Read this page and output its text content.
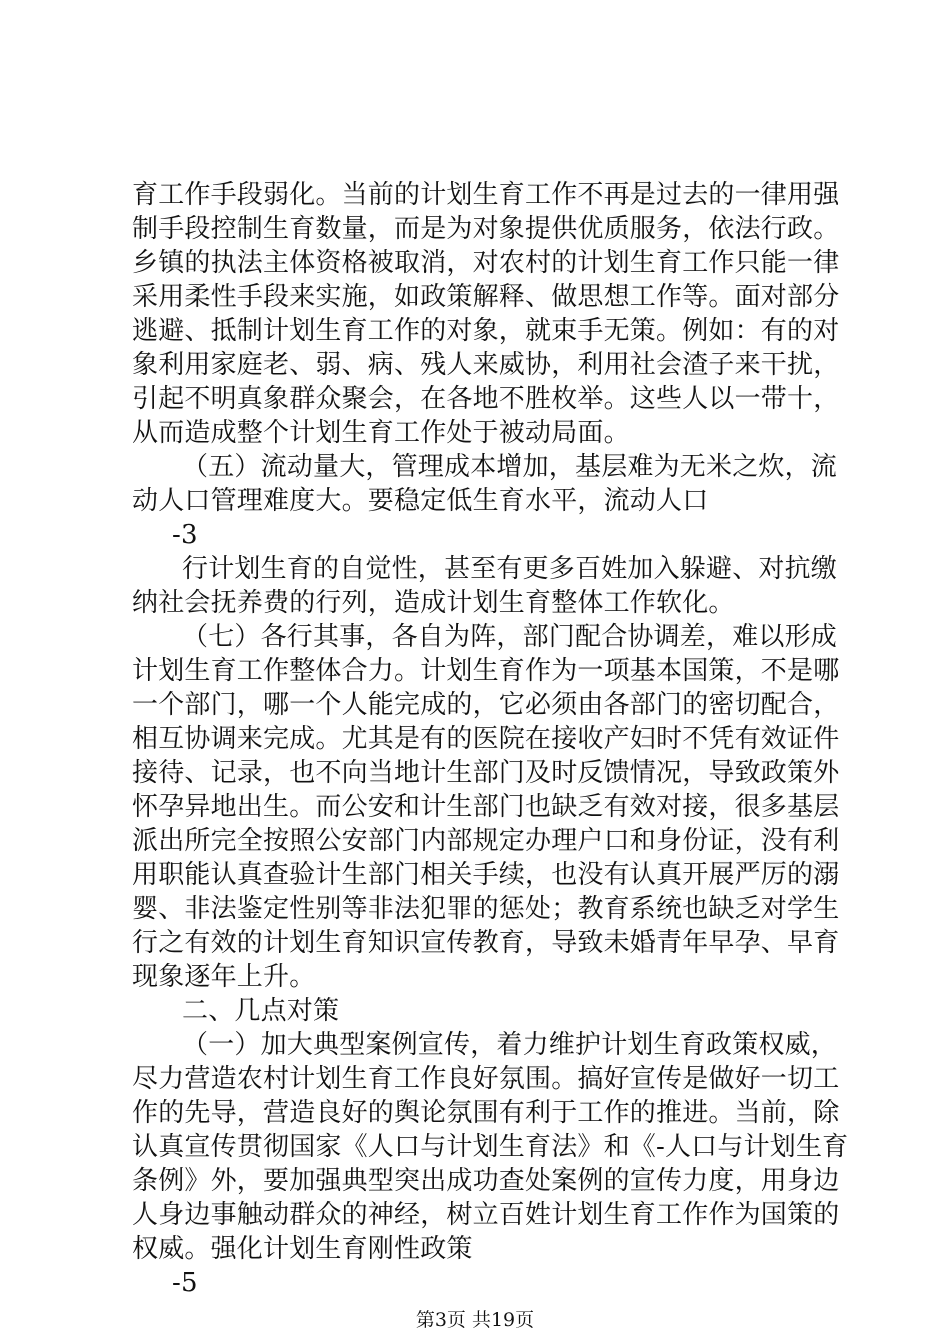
育工作手段弱化。当前的计划生育工作不再是过去的一律用强
制手段控制生育数量，而是为对象提供优质服务，依法行政。
乡镇的执法主体资格被取消，对农村的计划生育工作只能一律
采用柔性手段来实施，如政策解释、做思想工作等。面对部分
逃避、抵制计划生育工作的对象，就束手无策。例如：有的对
象利用家庭老、弱、病、残人来威协，利用社会渣子来干扰，
引起不明真象群众聚会，在各地不胜枚举。这些人以一带十，
从而造成整个计划生育工作处于被动局面。
（五）流动量大，管理成本增加，基层难为无米之炊，流
动人口管理难度大。要稳定低生育水平，流动人口
-3
行计划生育的自觉性，甚至有更多百姓加入躲避、对抗缴
纳社会抚养费的行列，造成计划生育整体工作软化。
（七）各行其事，各自为阵，部门配合协调差，难以形成
计划生育工作整体合力。计划生育作为一项基本国策，不是哪
一个部门，哪一个人能完成的，它必须由各部门的密切配合，
相互协调来完成。尤其是有的医院在接收产妇时不凭有效证件
接待、记录，也不向当地计生部门及时反馈情况，导致政策外
怀孕异地出生。而公安和计生部门也缺乏有效对接，很多基层
派出所完全按照公安部门内部规定办理户口和身份证，没有利
用职能认真查验计生部门相关手续，也没有认真开展严厉的溺
婴、非法鉴定性别等非法犯罪的惩处；教育系统也缺乏对学生
行之有效的计划生育知识宣传教育，导致未婚青年早孕、早育
现象逐年上升。
二、几点对策
（一）加大典型案例宣传，着力维护计划生育政策权威，
尽力营造农村计划生育工作良好氛围。搞好宣传是做好一切工
作的先导，营造良好的舆论氛围有利于工作的推进。当前，除
认真宣传贯彻国家《人口与计划生育法》和《-人口与计划生育
条例》外，要加强典型突出成功查处案例的宣传力度，用身边
人身边事触动群众的神经，树立百姓计划生育工作作为国策的
权威。强化计划生育刚性政策
-5
第3页 共19页
